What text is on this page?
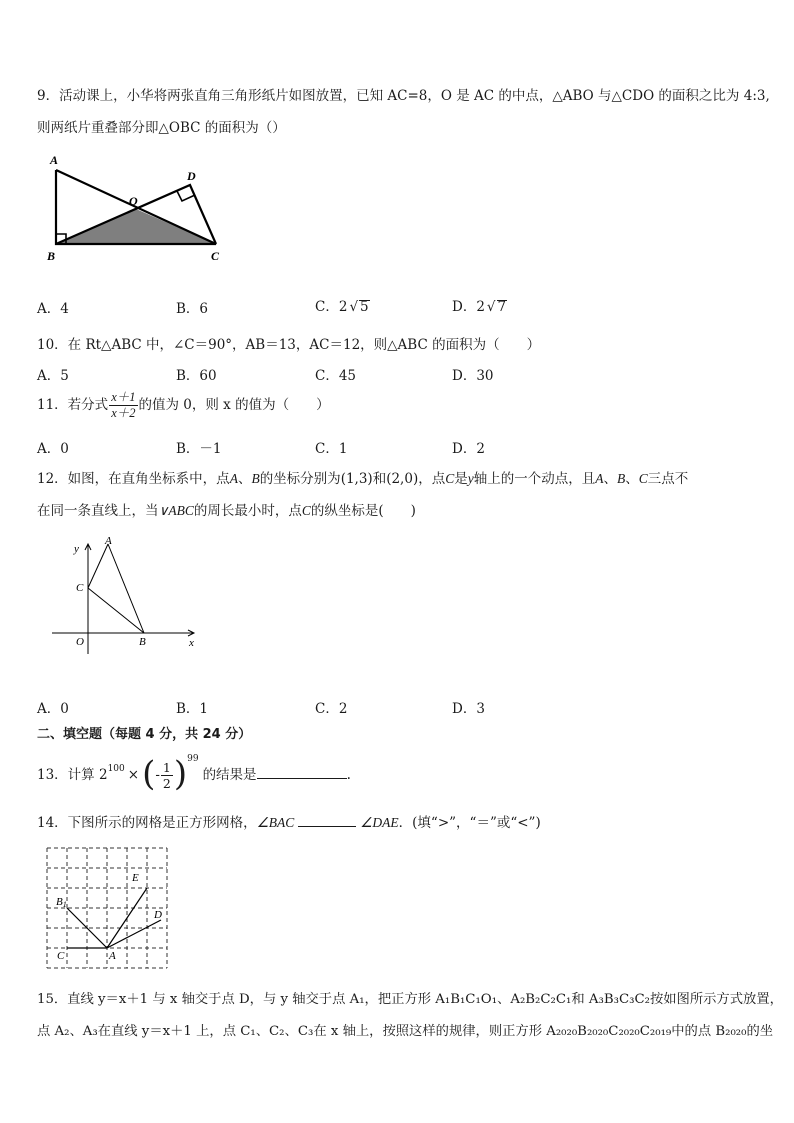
9．活动课上，小华将两张直角三角形纸片如图放置，已知 AC=8，O 是 AC 的中点，△ABO 与△CDO 的面积之比为 4:3,
则两纸片重叠部分即△OBC 的面积为（）
A
D
O
B	C
A．4	B．6	C．2 √ 5	D．2 √ 7
10．在 Rt△ABC 中，∠C＝90°，AB＝13，AC＝12，则△ABC 的面积为（　　）
A．5	B．60	C．45	D．30
11．若分式 $\frac{x+1}{x+2}$ 的值为 0，则 x 的值为（　　）
A．0	B．－1	C．1	D．2
12．如图，在直角坐标系中，点A、B的坐标分别为(1,3)和(2,0)，点C是y轴上的一个动点，且A、B、C三点不
在同一条直线上，当∨ABC的周长最小时，点C的纵坐标是(　　)
y
A
C
O	B	x
A．0	B．1	C．2	D．3
二、填空题（每题 4 分，共 24 分）
13．计算 $2^{100}$ ×(- $\frac{1}{2} )^{99}$的结果是	.
14．下图所示的网格是正方形网格，∠BAC	∠DAE．(填“>”，“＝”或“<”)
B1
E
D
C	A
15．直线 y＝x＋1 与 x 轴交于点 D，与 y 轴交于点 A₁，把正方形 A₁B₁C₁O₁、A₂B₂C₂C₁和 A₃B₃C₃C₂按如图所示方式放置，
点 A₂、A₃在直线 y＝x＋1 上，点 C₁、C₂、C₃在 x 轴上，按照这样的规律，则正方形 A₂₀₂₀B₂₀₂₀C₂₀₂₀C₂₀₁₉中的点 B₂₀₂₀的坐
